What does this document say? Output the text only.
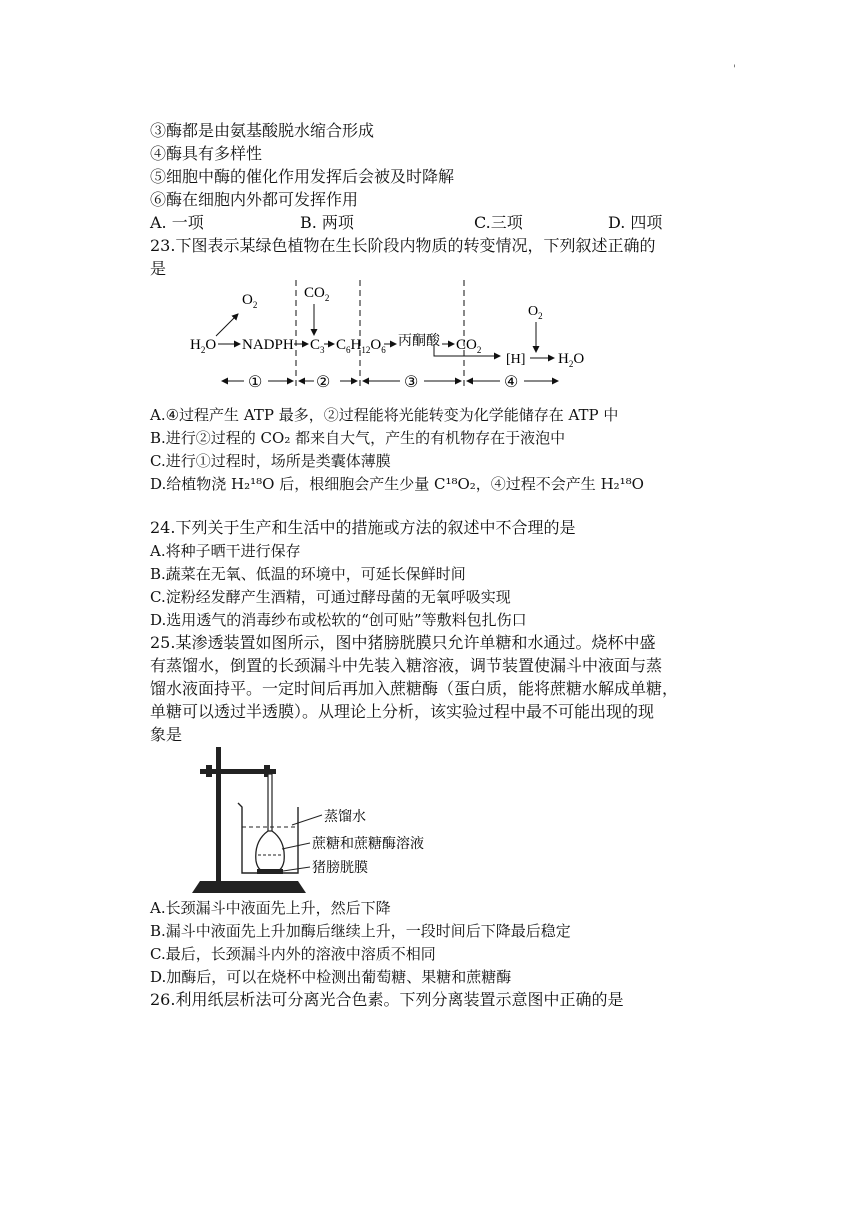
'
③酶都是由氨基酸脱水缩合形成
④酶具有多样性
⑤细胞中酶的催化作用发挥后会被及时降解
⑥酶在细胞内外都可发挥作用
A. 一项	B. 两项	C.三项	D. 四项
23.下图表示某绿色植物在生长阶段内物质的转变情况，下列叙述正确的
是
$H_2O$
$O_2$
NADPH
$CO_2$
$C_3$ $C_6H_{12}O_6$
丙酮酸 $CO_2$
[H] $H_2O$
$O_2$
①	②	③	④
A.④过程产生 ATP 最多，②过程能将光能转变为化学能储存在 ATP 中
B.进行②过程的 CO₂ 都来自大气，产生的有机物存在于液泡中
C.进行①过程时，场所是类囊体薄膜
D.给植物浇 H₂¹⁸O 后，根细胞会产生少量 C¹⁸O₂，④过程不会产生 H₂¹⁸O
24.下列关于生产和生活中的措施或方法的叙述中不合理的是
A.将种子晒干进行保存
B.蔬菜在无氧、低温的环境中，可延长保鲜时间
C.淀粉经发酵产生酒精，可通过酵母菌的无氧呼吸实现
D.选用透气的消毒纱布或松软的“创可贴”等敷料包扎伤口
25.某渗透装置如图所示，图中猪膀胱膜只允许单糖和水通过。烧杯中盛
有蒸馏水，倒置的长颈漏斗中先装入糖溶液，调节装置使漏斗中液面与蒸
馏水液面持平。一定时间后再加入蔗糖酶（蛋白质，能将蔗糖水解成单糖，
单糖可以透过半透膜）。从理论上分析，该实验过程中最不可能出现的现
象是
蒸馏水
蔗糖和蔗糖酶溶液
猪膀胱膜
A.长颈漏斗中液面先上升，然后下降
B.漏斗中液面先上升加酶后继续上升，一段时间后下降最后稳定
C.最后，长颈漏斗内外的溶液中溶质不相同
D.加酶后，可以在烧杯中检测出葡萄糖、果糖和蔗糖酶
26.利用纸层析法可分离光合色素。下列分离装置示意图中正确的是
